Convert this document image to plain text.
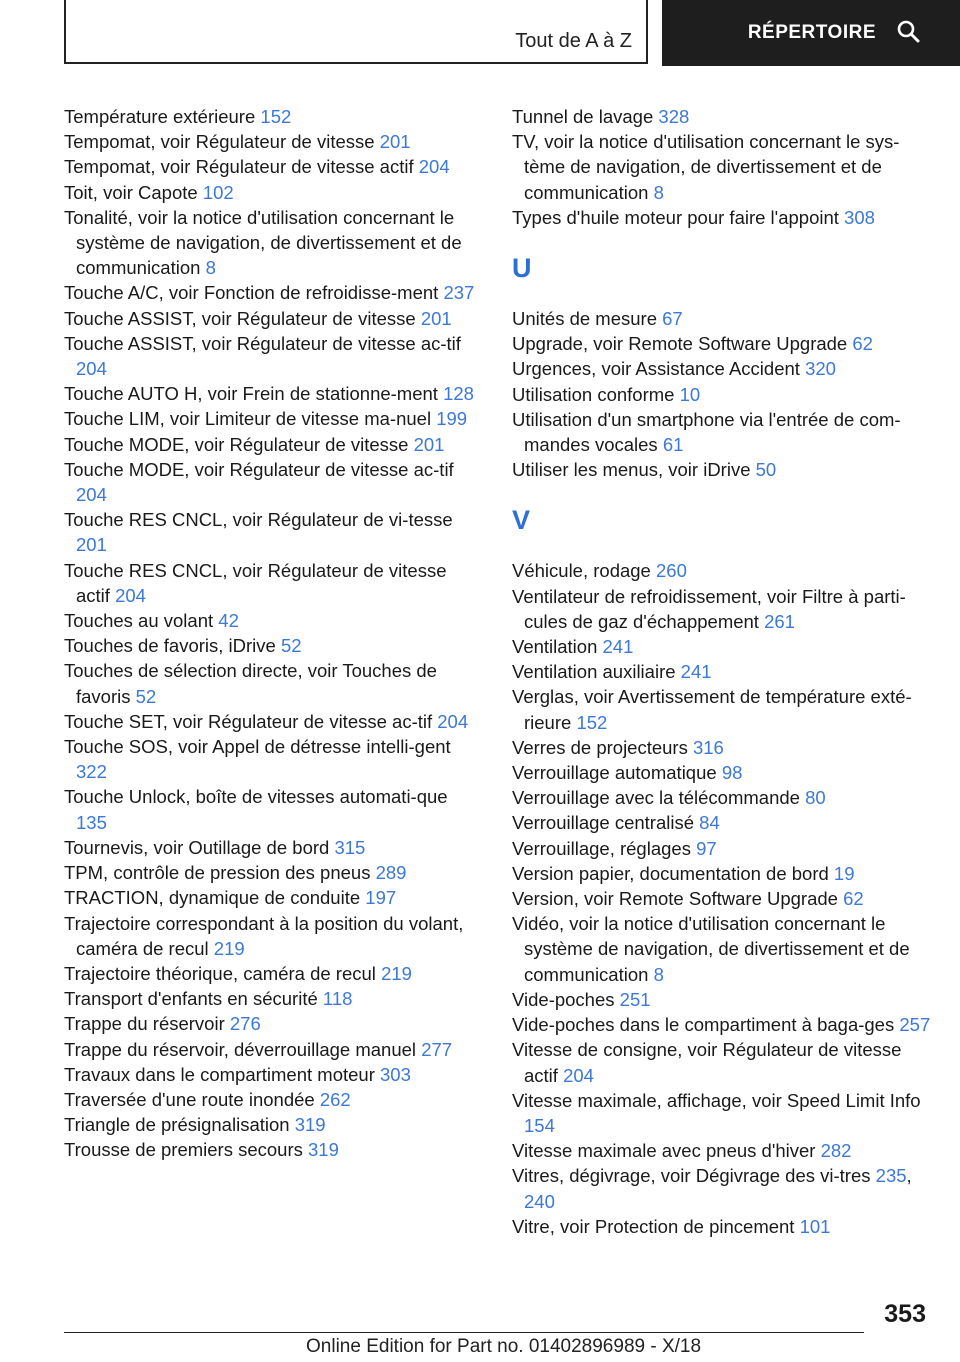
Tout de A à Z	RÉPERTOIRE
Température extérieure 152
Tempomat, voir Régulateur de vitesse 201
Tempomat, voir Régulateur de vitesse actif 204
Toit, voir Capote 102
Tonalité, voir la notice d'utilisation concernant le système de navigation, de divertissement et de communication 8
Touche A/C, voir Fonction de refroidisse-ment 237
Touche ASSIST, voir Régulateur de vitesse 201
Touche ASSIST, voir Régulateur de vitesse ac-tif 204
Touche AUTO H, voir Frein de stationne-ment 128
Touche LIM, voir Limiteur de vitesse ma-nuel 199
Touche MODE, voir Régulateur de vitesse 201
Touche MODE, voir Régulateur de vitesse ac-tif 204
Touche RES CNCL, voir Régulateur de vi-tesse 201
Touche RES CNCL, voir Régulateur de vitesse actif 204
Touches au volant 42
Touches de favoris, iDrive 52
Touches de sélection directe, voir Touches de favoris 52
Touche SET, voir Régulateur de vitesse ac-tif 204
Touche SOS, voir Appel de détresse intelli-gent 322
Touche Unlock, boîte de vitesses automati-que 135
Tournevis, voir Outillage de bord 315
TPM, contrôle de pression des pneus 289
TRACTION, dynamique de conduite 197
Trajectoire correspondant à la position du volant, caméra de recul 219
Trajectoire théorique, caméra de recul 219
Transport d'enfants en sécurité 118
Trappe du réservoir 276
Trappe du réservoir, déverrouillage manuel 277
Travaux dans le compartiment moteur 303
Traversée d'une route inondée 262
Triangle de présignalisation 319
Trousse de premiers secours 319
Tunnel de lavage 328
TV, voir la notice d'utilisation concernant le sys-tème de navigation, de divertissement et de communication 8
Types d'huile moteur pour faire l'appoint 308
U
Unités de mesure 67
Upgrade, voir Remote Software Upgrade 62
Urgences, voir Assistance Accident 320
Utilisation conforme 10
Utilisation d'un smartphone via l'entrée de com-mandes vocales 61
Utiliser les menus, voir iDrive 50
V
Véhicule, rodage 260
Ventilateur de refroidissement, voir Filtre à parti-cules de gaz d'échappement 261
Ventilation 241
Ventilation auxiliaire 241
Verglas, voir Avertissement de température exté-rieure 152
Verres de projecteurs 316
Verrouillage automatique 98
Verrouillage avec la télécommande 80
Verrouillage centralisé 84
Verrouillage, réglages 97
Version papier, documentation de bord 19
Version, voir Remote Software Upgrade 62
Vidéo, voir la notice d'utilisation concernant le système de navigation, de divertissement et de communication 8
Vide-poches 251
Vide-poches dans le compartiment à baga-ges 257
Vitesse de consigne, voir Régulateur de vitesse actif 204
Vitesse maximale, affichage, voir Speed Limit Info 154
Vitesse maximale avec pneus d'hiver 282
Vitres, dégivrage, voir Dégivrage des vi-tres 235, 240
Vitre, voir Protection de pincement 101
353
Online Edition for Part no. 01402896989 - X/18
